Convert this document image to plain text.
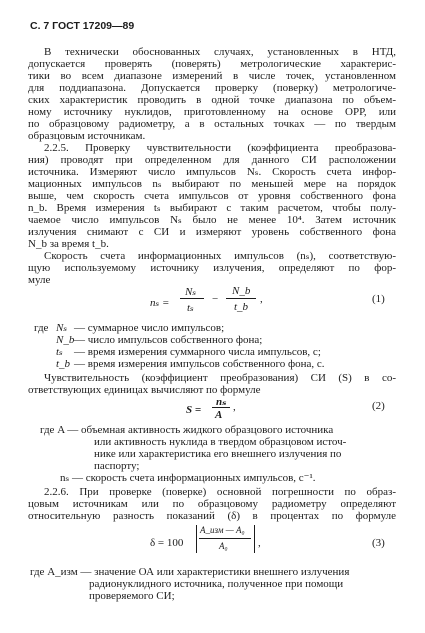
С. 7 ГОСТ 17209—89
В технически обоснованных случаях, установленных в НТД,
допускается проверять (поверять) метрологические характерис-
тики во всем диапазоне измерений в числе точек, установленном
для поддиапазона. Допускается проверку (поверку) метрологиче-
ских характеристик проводить в одной точке диапазона по объем-
ному источнику нуклидов, приготовленному на основе ОРР, или
по образцовому радиометру, а в остальных точках — по твердым
образцовым источникам.
2.2.5. Проверку чувствительности (коэффициента преобразова-
ния) проводят при определенном для данного СИ расположении
источника. Измеряют число импульсов Nₛ. Скорость счета инфор-
мационных импульсов nₛ выбирают по меньшей мере на порядок
выше, чем скорость счета импульсов от уровня собственного фона
n_b. Время измерения tₛ выбирают с таким расчетом, чтобы полу-
чаемое число импульсов Nₛ было не менее 10⁴. Затем источник
излучения снимают с СИ и измеряют уровень собственного фона
N_b за время t_b.
Скорость счета информационных импульсов (nₛ), соответствую-
щую используемому источнику излучения, определяют по фор-
муле
nₛ =
Nₛ
tₛ
−
N_b
t_b
,	(1)
где Nₛ — суммарное число импульсов;
N_b — число импульсов собственного фона;
tₛ — время измерения суммарного числа импульсов, с;
t_b — время измерения импульсов собственного фона, с.
Чувствительность (коэффициент преобразования) СИ (S) в со-
ответствующих единицах вычисляют по формуле
S =
nₛ
A
,	(2)
где A — объемная активность жидкого образцового источника
или активность нуклида в твердом образцовом источ-
нике или характеристика его внешнего излучения по
паспорту;
nₛ — скорость счета информационных импульсов, с⁻¹.
2.2.6. При проверке (поверке) основной погрешности по образ-
цовым источникам или по образцовому радиометру определяют
относительную разность показаний (δ) в процентах по формуле
δ = 100
A_изм — A₀
A₀	,	(3)
где A_изм — значение ОА или характеристики внешнего излучения
радионуклидного источника, полученное при помощи
проверяемого СИ;
